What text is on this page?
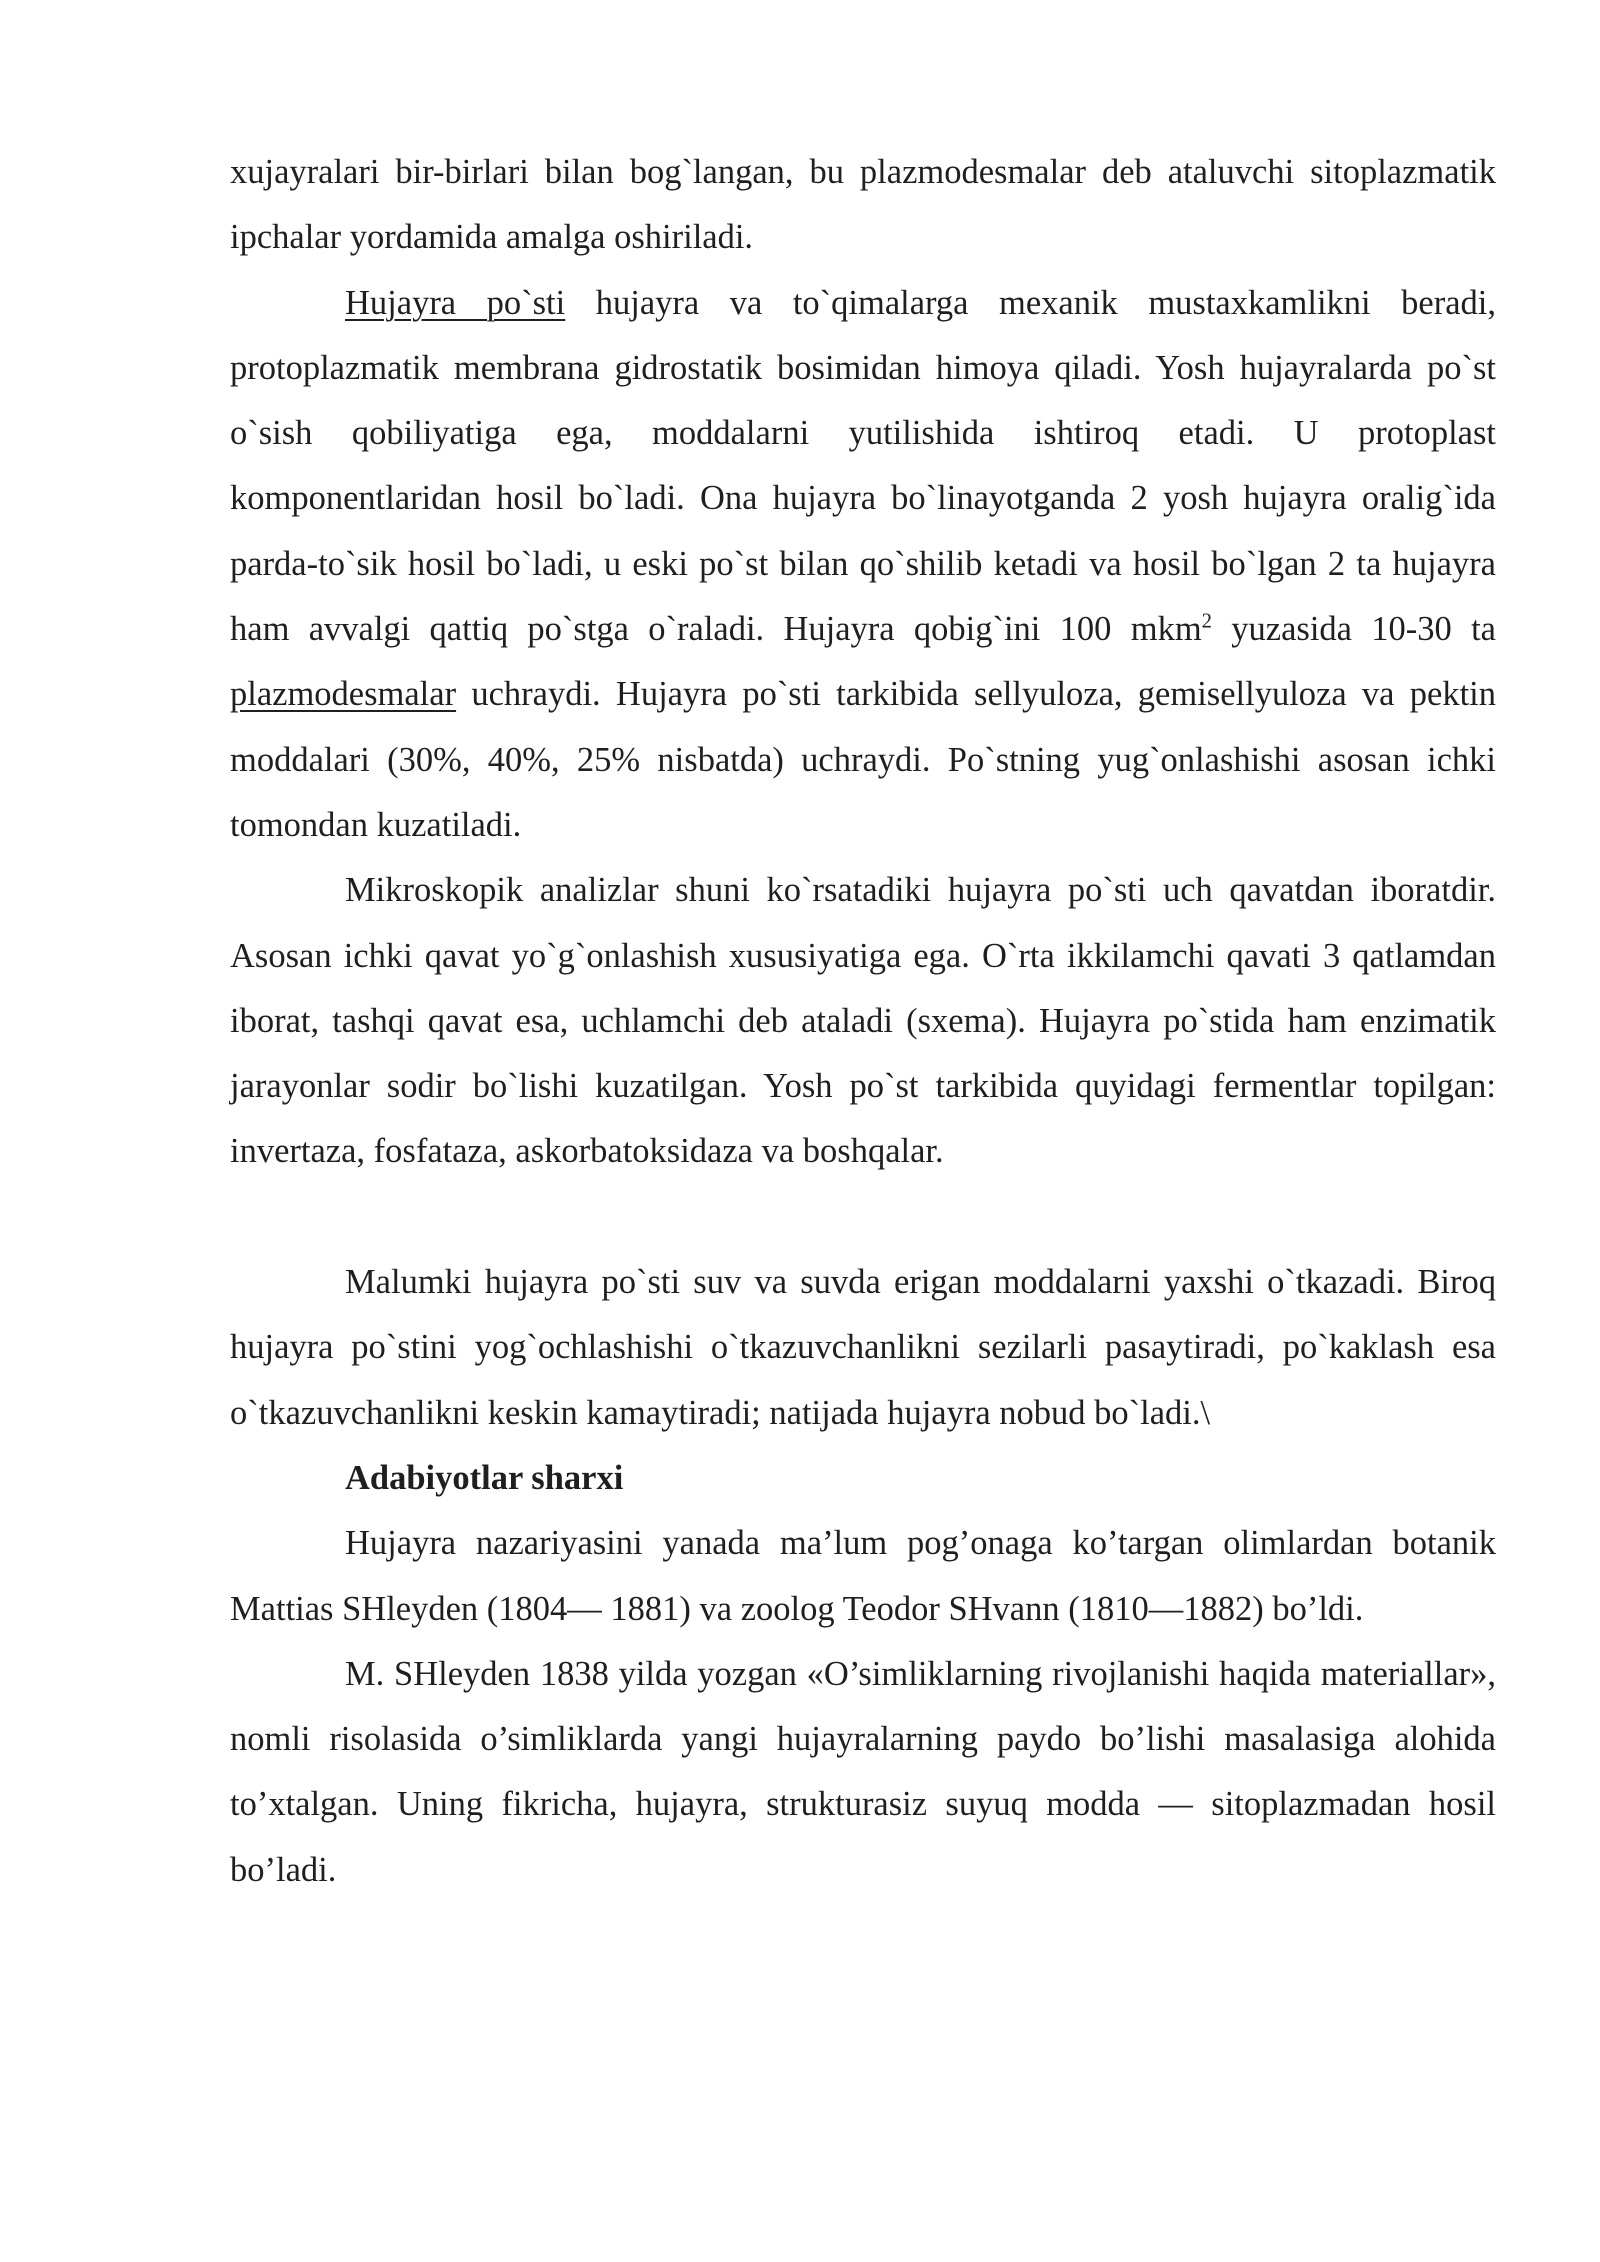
xujayralari bir-birlari bilan bog`langan, bu plazmodesmalar deb ataluvchi sitoplazmatik ipchalar yordamida amalga oshiriladi.

Hujayra po`sti hujayra va to`qimalarga mexanik mustaxkamlikni beradi, protoplazmatik membrana gidrostatik bosimidan himoya qiladi. Yosh hujayralarda po`st o`sish qobiliyatiga ega, moddalarni yutilishida ishtiroq etadi. U protoplast komponentlaridan hosil bo`ladi. Ona hujayra bo`linayotganda 2 yosh hujayra oralig`ida parda-to`sik hosil bo`ladi, u eski po`st bilan qo`shilib ketadi va hosil bo`lgan 2 ta hujayra ham avvalgi qattiq po`stga o`raladi. Hujayra qobig`ini 100 mkm$^2$ yuzasida 10-30 ta plazmodesmalar uchraydi. Hujayra po`sti tarkibida sellyuloza, gemisellyuloza va pektin moddalari (30%, 40%, 25% nisbatda) uchraydi. Po`stning yug`onlashishi asosan ichki tomondan kuzatiladi.

Mikroskopik analizlar shuni ko`rsatadiki hujayra po`sti uch qavatdan iboratdir. Asosan ichki qavat yo`g`onlashish xususiyatiga ega. O`rta ikkilamchi qavati 3 qatlamdan iborat, tashqi qavat esa, uchlamchi deb ataladi (sxema). Hujayra po`stida ham enzimatik jarayonlar sodir bo`lishi kuzatilgan. Yosh po`st tarkibida quyidagi fermentlar topilgan: invertaza, fosfataza, askorbatoksidaza va boshqalar.

Malumki hujayra po`sti suv va suvda erigan moddalarni yaxshi o`tkazadi. Biroq hujayra po`stini yog`ochlashishi o`tkazuvchanlikni sezilarli pasaytiradi, po`kaklash esa o`tkazuvchanlikni keskin kamaytiradi; natijada hujayra nobud bo`ladi.\

Adabiyotlar sharxi

Hujayra nazariyasini yanada ma’lum pog’onaga ko’targan olimlardan botanik Mattias SHleyden (1804— 1881) va zoolog Teodor SHvann (1810—1882) bo’ldi.

M. SHleyden 1838 yilda yozgan «O’simliklarning rivojlanishi haqida materiallar», nomli risolasida o’simliklarda yangi hujayralarning paydo bo’lishi masalasiga alohida to’xtalgan. Uning fikricha, hujayra, strukturasiz suyuq modda — sitoplazmadan hosil bo’ladi.
